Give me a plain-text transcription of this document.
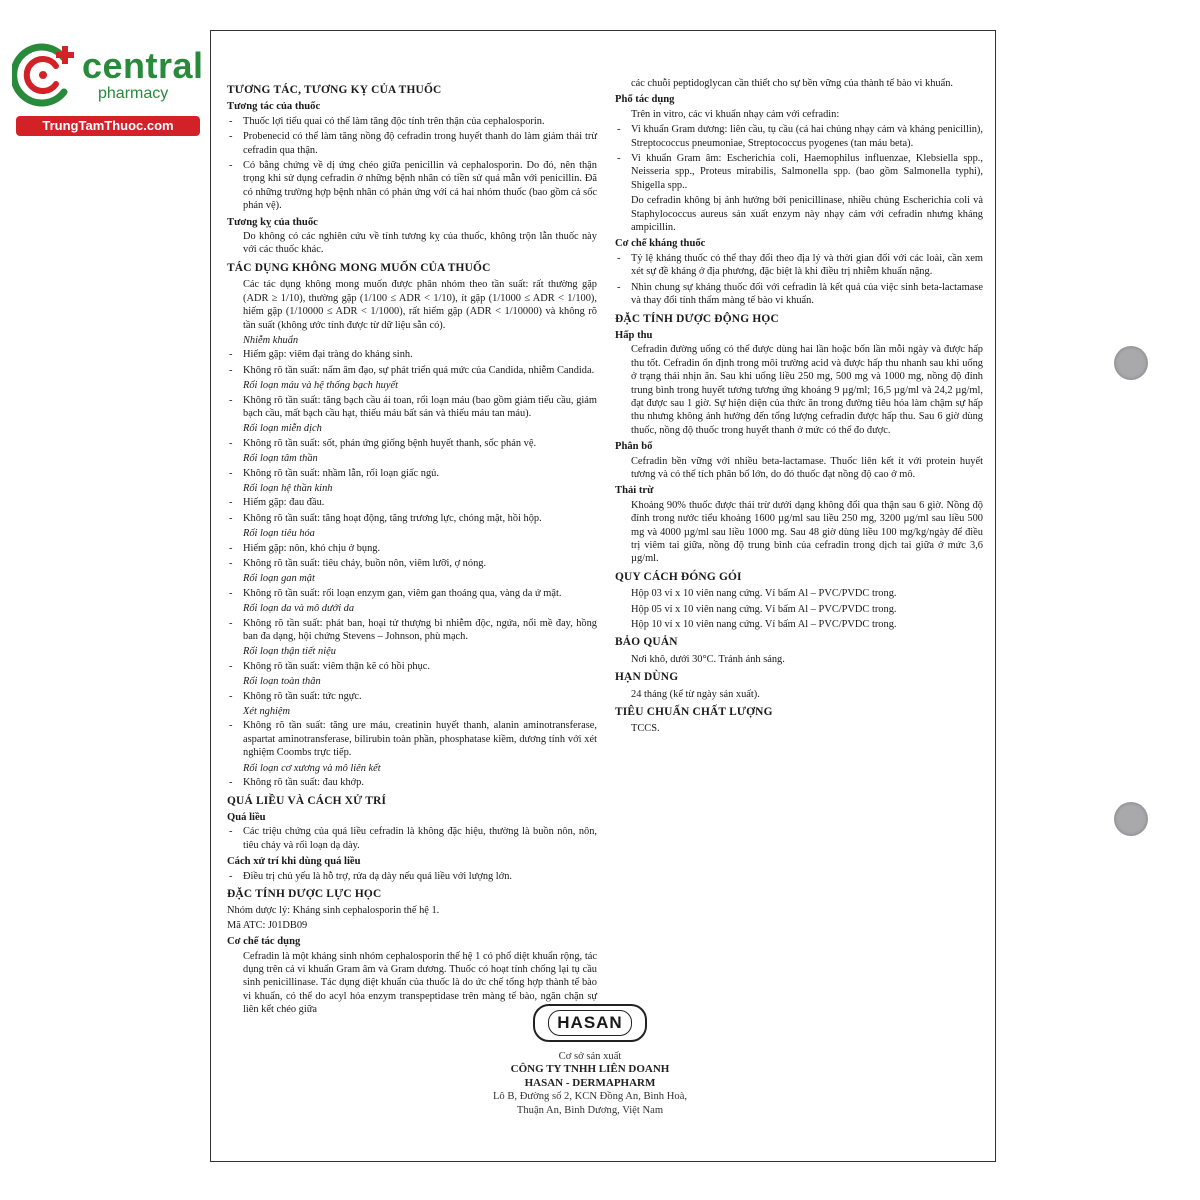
central
pharmacy
TrungTamThuoc.com
TƯƠNG TÁC, TƯƠNG KỴ CỦA THUỐC
Tương tác của thuốc
- Thuốc lợi tiểu quai có thể làm tăng độc tính trên thận của cephalosporin.
- Probenecid có thể làm tăng nồng độ cefradin trong huyết thanh do làm giảm thải trừ cefradin qua thận.
- Có bằng chứng về dị ứng chéo giữa penicillin và cephalosporin. Do đó, nên thận trọng khi sử dụng cefradin ở những bệnh nhân có tiền sử quá mẫn với penicillin. Đã có những trường hợp bệnh nhân có phản ứng với cả hai nhóm thuốc (bao gồm cả sốc phản vệ).
Tương kỵ của thuốc
Do không có các nghiên cứu về tính tương kỵ của thuốc, không trộn lẫn thuốc này với các thuốc khác.
TÁC DỤNG KHÔNG MONG MUỐN CỦA THUỐC
Các tác dụng không mong muốn được phân nhóm theo tần suất: rất thường gặp (ADR ≥ 1/10), thường gặp (1/100 ≤ ADR < 1/10), ít gặp (1/1000 ≤ ADR < 1/100), hiếm gặp (1/10000 ≤ ADR < 1/1000), rất hiếm gặp (ADR < 1/10000) và không rõ tần suất (không ước tính được từ dữ liệu sẵn có).
Nhiễm khuẩn
- Hiếm gặp: viêm đại tràng do kháng sinh.
- Không rõ tần suất: nấm âm đạo, sự phát triển quá mức của Candida, nhiễm Candida.
Rối loạn máu và hệ thống bạch huyết
- Không rõ tần suất: tăng bạch cầu ái toan, rối loạn máu (bao gồm giảm tiểu cầu, giảm bạch cầu, mất bạch cầu hạt, thiếu máu bất sản và thiếu máu tan máu).
Rối loạn miễn dịch
- Không rõ tần suất: sốt, phản ứng giống bệnh huyết thanh, sốc phản vệ.
Rối loạn tâm thần
- Không rõ tần suất: nhầm lẫn, rối loạn giấc ngủ.
Rối loạn hệ thần kinh
- Hiếm gặp: đau đầu.
- Không rõ tần suất: tăng hoạt động, tăng trương lực, chóng mặt, hồi hộp.
Rối loạn tiêu hóa
- Hiếm gặp: nôn, khó chịu ở bụng.
- Không rõ tần suất: tiêu chảy, buồn nôn, viêm lưỡi, ợ nóng.
Rối loạn gan mật
- Không rõ tần suất: rối loạn enzym gan, viêm gan thoáng qua, vàng da ứ mật.
Rối loạn da và mô dưới da
- Không rõ tần suất: phát ban, hoại tử thượng bì nhiễm độc, ngứa, nổi mề đay, hồng ban đa dạng, hội chứng Stevens – Johnson, phù mạch.
Rối loạn thận tiết niệu
- Không rõ tần suất: viêm thận kẽ có hồi phục.
Rối loạn toàn thân
- Không rõ tần suất: tức ngực.
Xét nghiệm
- Không rõ tần suất: tăng ure máu, creatinin huyết thanh, alanin aminotransferase, aspartat aminotransferase, bilirubin toàn phần, phosphatase kiềm, dương tính với xét nghiệm Coombs trực tiếp.
Rối loạn cơ xương và mô liên kết
- Không rõ tần suất: đau khớp.
QUÁ LIỀU VÀ CÁCH XỬ TRÍ
Quá liều
- Các triệu chứng của quá liều cefradin là không đặc hiệu, thường là buồn nôn, nôn, tiêu chảy và rối loạn dạ dày.
Cách xử trí khi dùng quá liều
- Điều trị chủ yếu là hỗ trợ, rửa dạ dày nếu quá liều với lượng lớn.
ĐẶC TÍNH DƯỢC LỰC HỌC
Nhóm dược lý: Kháng sinh cephalosporin thế hệ 1.
Mã ATC: J01DB09
Cơ chế tác dụng
Cefradin là một kháng sinh nhóm cephalosporin thế hệ 1 có phổ diệt khuẩn rộng, tác dụng trên cả vi khuẩn Gram âm và Gram dương. Thuốc có hoạt tính chống lại tụ cầu sinh penicillinase. Tác dụng diệt khuẩn của thuốc là do ức chế tổng hợp thành tế bào vi khuẩn, có thể do acyl hóa enzym transpeptidase trên màng tế bào, ngăn chặn sự liên kết chéo giữa
các chuỗi peptidoglycan cần thiết cho sự bền vững của thành tế bào vi khuẩn.
Phổ tác dụng
Trên in vitro, các vi khuẩn nhạy cảm với cefradin:
- Vi khuẩn Gram dương: liên cầu, tụ cầu (cả hai chủng nhạy cảm và kháng penicillin), Streptococcus pneumoniae, Streptococcus pyogenes (tan máu beta).
- Vi khuẩn Gram âm: Escherichia coli, Haemophilus influenzae, Klebsiella spp., Neisseria spp., Proteus mirabilis, Salmonella spp. (bao gồm Salmonella typhi), Shigella spp..
Do cefradin không bị ảnh hưởng bởi penicillinase, nhiều chủng Escherichia coli và Staphylococcus aureus sản xuất enzym này nhạy cảm với cefradin nhưng kháng ampicillin.
Cơ chế kháng thuốc
- Tỷ lệ kháng thuốc có thể thay đổi theo địa lý và thời gian đối với các loài, cần xem xét sự đề kháng ở địa phương, đặc biệt là khi điều trị nhiễm khuẩn nặng.
- Nhìn chung sự kháng thuốc đối với cefradin là kết quả của việc sinh beta-lactamase và thay đổi tính thấm màng tế bào vi khuẩn.
ĐẶC TÍNH DƯỢC ĐỘNG HỌC
Hấp thu
Cefradin đường uống có thể được dùng hai lần hoặc bốn lần mỗi ngày và được hấp thu tốt. Cefradin ổn định trong môi trường acid và được hấp thu nhanh sau khi uống ở trạng thái nhịn ăn. Sau khi uống liều 250 mg, 500 mg và 1000 mg, nồng độ đỉnh trung bình trong huyết tương tương ứng khoảng 9 µg/ml; 16,5 µg/ml và 24,2 µg/ml, đạt được sau 1 giờ. Sự hiện diện của thức ăn trong đường tiêu hóa làm chậm sự hấp thu nhưng không ảnh hưởng đến tổng lượng cefradin được hấp thu. Sau 6 giờ dùng thuốc, nồng độ thuốc trong huyết thanh ở mức có thể đo được.
Phân bố
Cefradin bền vững với nhiều beta-lactamase. Thuốc liên kết ít với protein huyết tương và có thể tích phân bố lớn, do đó thuốc đạt nồng độ cao ở mô.
Thải trừ
Khoảng 90% thuốc được thải trừ dưới dạng không đổi qua thận sau 6 giờ. Nồng độ đỉnh trong nước tiểu khoảng 1600 µg/ml sau liều 250 mg, 3200 µg/ml sau liều 500 mg và 4000 µg/ml sau liều 1000 mg. Sau 48 giờ dùng liều 100 mg/kg/ngày để điều trị viêm tai giữa, nồng độ trung bình của cefradin trong dịch tai giữa ở mức 3,6 µg/ml.
QUY CÁCH ĐÓNG GÓI
Hộp 03 vỉ x 10 viên nang cứng. Vỉ bấm Al – PVC/PVDC trong.
Hộp 05 vỉ x 10 viên nang cứng. Vỉ bấm Al – PVC/PVDC trong.
Hộp 10 vỉ x 10 viên nang cứng. Vỉ bấm Al – PVC/PVDC trong.
BẢO QUẢN
Nơi khô, dưới 30°C. Tránh ánh sáng.
HẠN DÙNG
24 tháng (kể từ ngày sản xuất).
TIÊU CHUẨN CHẤT LƯỢNG
TCCS.
HASAN
Cơ sở sản xuất
CÔNG TY TNHH LIÊN DOANH
HASAN - DERMAPHARM
Lô B, Đường số 2, KCN Đồng An, Bình Hoà,
Thuận An, Bình Dương, Việt Nam
